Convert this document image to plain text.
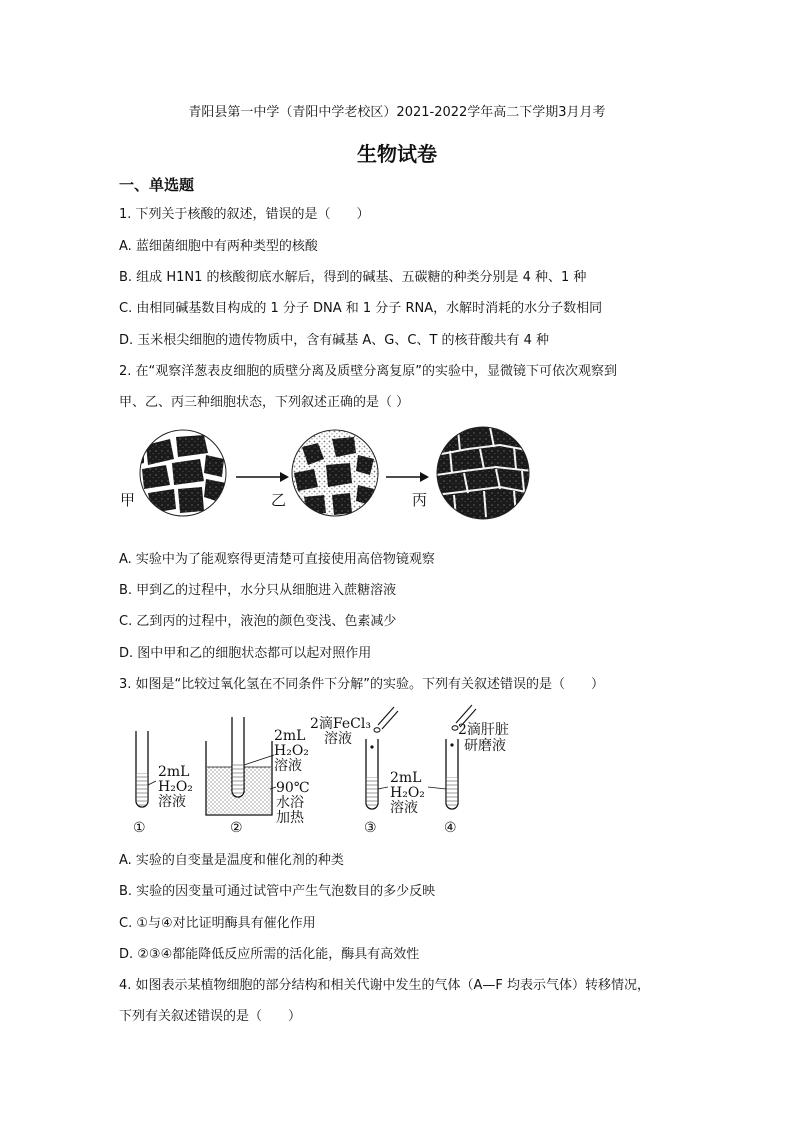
青阳县第一中学（青阳中学老校区）2021-2022学年高二下学期3月月考
生物试卷
一、单选题
1. 下列关于核酸的叙述，错误的是（　　）
A. 蓝细菌细胞中有两种类型的核酸
B. 组成 H1N1 的核酸彻底水解后，得到的碱基、五碳糖的种类分别是 4 种、1 种
C. 由相同碱基数目构成的 1 分子 DNA 和 1 分子 RNA，水解时消耗的水分子数相同
D. 玉米根尖细胞的遗传物质中，含有碱基 A、G、C、T 的核苷酸共有 4 种
2. 在“观察洋葱表皮细胞的质壁分离及质壁分离复原”的实验中，显微镜下可依次观察到
甲、乙、丙三种细胞状态，下列叙述正确的是（ ）
甲	乙	丙
A. 实验中为了能观察得更清楚可直接使用高倍物镜观察
B. 甲到乙的过程中，水分只从细胞进入蔗糖溶液
C. 乙到丙的过程中，液泡的颜色变浅、色素减少
D. 图中甲和乙的细胞状态都可以起对照作用
3. 如图是“比较过氧化氢在不同条件下分解”的实验。下列有关叙述错误的是（　　）
2mL
H₂O₂
溶液
①
2mL
H₂O₂
溶液
90℃
水浴
加热
②
2滴FeCl₃
溶液
2mL
H₂O₂
溶液
③
2滴肝脏
研磨液
④
A. 实验的自变量是温度和催化剂的种类
B. 实验的因变量可通过试管中产生气泡数目的多少反映
C. ①与④对比证明酶具有催化作用
D. ②③④都能降低反应所需的活化能，酶具有高效性
4. 如图表示某植物细胞的部分结构和相关代谢中发生的气体（A—F 均表示气体）转移情况，
下列有关叙述错误的是（　　）
